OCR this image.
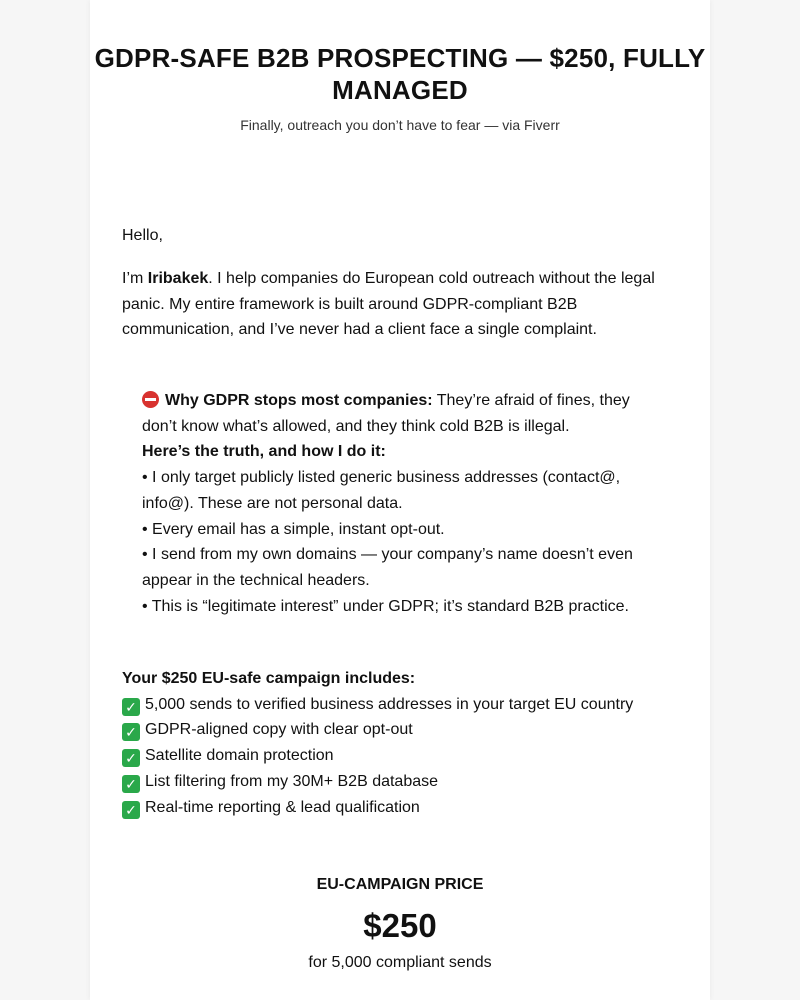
GDPR-SAFE B2B PROSPECTING — $250, FULLY MANAGED

Finally, outreach you don’t have to fear — via Fiverr

Hello,
I’m Iribakek. I help companies do European cold outreach without the legal panic. My entire framework is built around GDPR-compliant B2B communication, and I’ve never had a client face a single complaint.

Why GDPR stops most companies: They’re afraid of fines, they don’t know what’s allowed, and they think cold B2B is illegal.

Here’s the truth, and how I do it:

• I only target publicly listed generic business addresses (contact@, info@). These are not personal data.

• Every email has a simple, instant opt-out.

• I send from my own domains — your company’s name doesn’t even appear in the technical headers.

• This is “legitimate interest” under GDPR; it’s standard B2B practice.

Your $250 EU-safe campaign includes:

✓ 5,000 sends to verified business addresses in your target EU country

✓ GDPR-aligned copy with clear opt-out

✓ Satellite domain protection

✓ List filtering from my 30M+ B2B database

✓ Real-time reporting & lead qualification

EU-CAMPAIGN PRICE

$250

for 5,000 compliant sends
